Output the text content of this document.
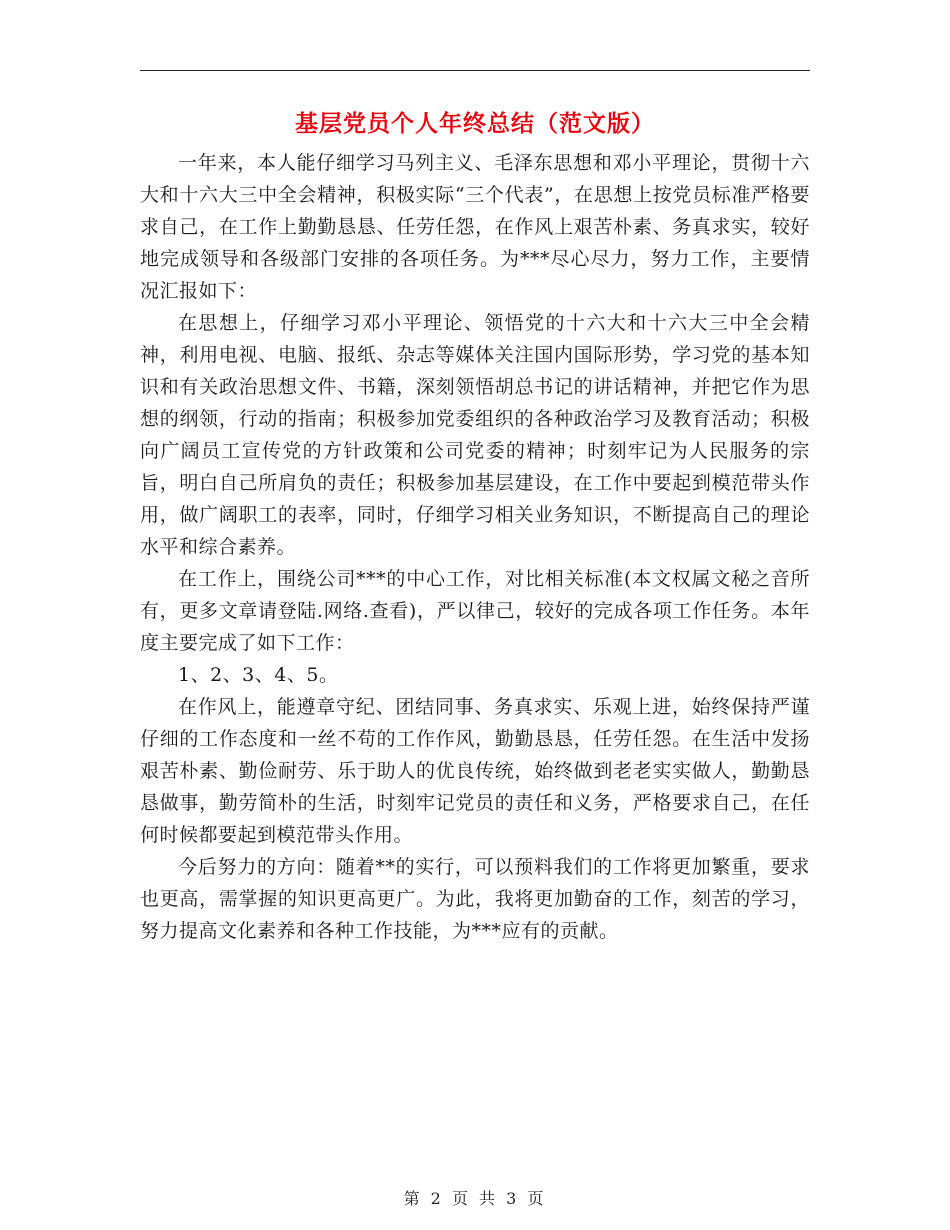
基层党员个人年终总结（范文版）

一年来，本人能仔细学习马列主义、毛泽东思想和邓小平理论，贯彻十六大和十六大三中全会精神，积极实际“三个代表”，在思想上按党员标准严格要求自己，在工作上勤勤恳恳、任劳任怨，在作风上艰苦朴素、务真求实，较好地完成领导和各级部门安排的各项任务。为***尽心尽力，努力工作，主要情况汇报如下：

在思想上，仔细学习邓小平理论、领悟党的十六大和十六大三中全会精神，利用电视、电脑、报纸、杂志等媒体关注国内国际形势，学习党的基本知识和有关政治思想文件、书籍，深刻领悟胡总书记的讲话精神，并把它作为思想的纲领，行动的指南；积极参加党委组织的各种政治学习及教育活动；积极向广阔员工宣传党的方针政策和公司党委的精神；时刻牢记为人民服务的宗旨，明白自己所肩负的责任；积极参加基层建设，在工作中要起到模范带头作用，做广阔职工的表率，同时，仔细学习相关业务知识，不断提高自己的理论水平和综合素养。

在工作上，围绕公司***的中心工作，对比相关标准(本文权属文秘之音所有，更多文章请登陆.网络.查看)，严以律己，较好的完成各项工作任务。本年度主要完成了如下工作：

1、2、3、4、5。

在作风上，能遵章守纪、团结同事、务真求实、乐观上进，始终保持严谨仔细的工作态度和一丝不苟的工作作风，勤勤恳恳，任劳任怨。在生活中发扬艰苦朴素、勤俭耐劳、乐于助人的优良传统，始终做到老老实实做人，勤勤恳恳做事，勤劳简朴的生活，时刻牢记党员的责任和义务，严格要求自己，在任何时候都要起到模范带头作用。

今后努力的方向：随着**的实行，可以预料我们的工作将更加繁重，要求也更高，需掌握的知识更高更广。为此，我将更加勤奋的工作，刻苦的学习，努力提高文化素养和各种工作技能，为***应有的贡献。

第 2 页 共 3 页
